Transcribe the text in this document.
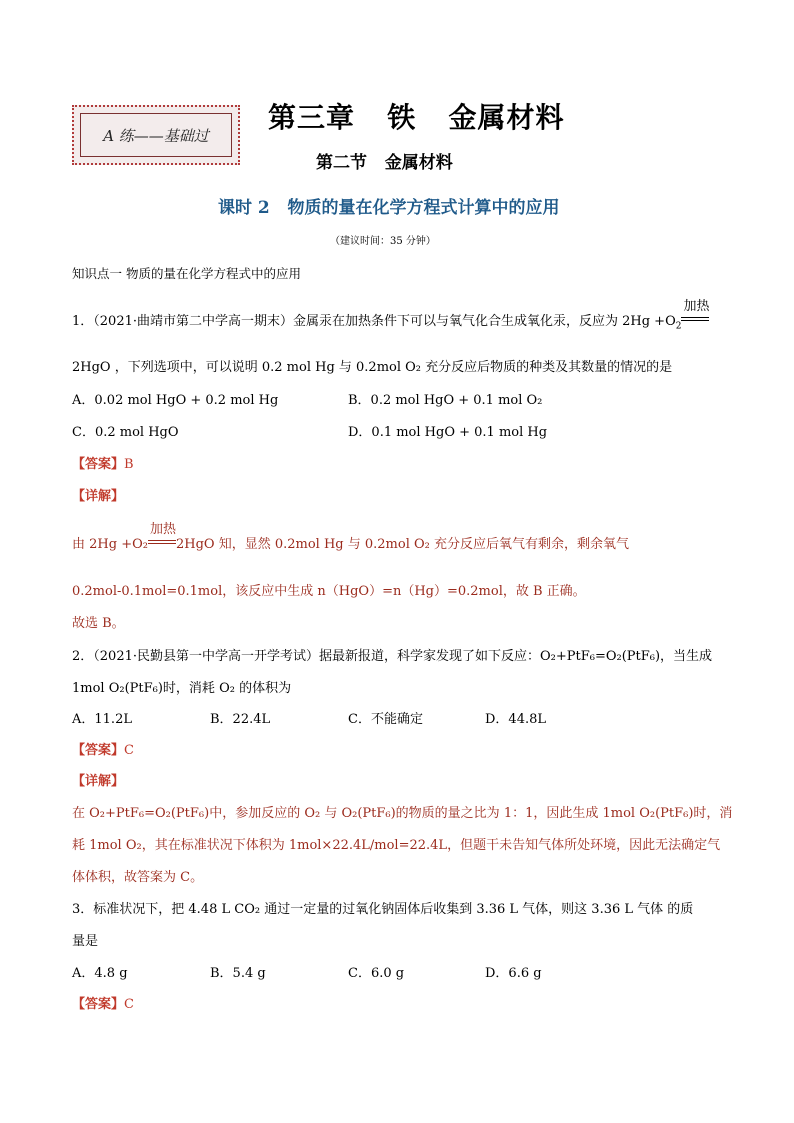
A 练——基础过
第三章   铁   金属材料
第二节   金属材料
课时 2   物质的量在化学方程式计算中的应用
（建议时间：35 分钟）
知识点一 物质的量在化学方程式中的应用
1．（2021·曲靖市第二中学高一期末）金属汞在加热条件下可以与氧气化合生成氧化汞，反应为 $2Hg +O_2$
加热
2HgO ，下列选项中，可以说明 0.2 mol Hg 与 0.2mol O₂ 充分反应后物质的种类及其数量的情况的是
A．0.02 mol HgO + 0.2 mol Hg	B．0.2 mol HgO + 0.1 mol O₂
C．0.2 mol HgO	D．0.1 mol HgO + 0.1 mol Hg
【答案】B
【详解】
由 2Hg +O₂
加热
2HgO 知，显然 0.2mol Hg 与 0.2mol O₂ 充分反应后氧气有剩余，剩余氧气
0.2mol-0.1mol=0.1mol，该反应中生成 n（HgO）=n（Hg）=0.2mol，故 B 正确。
故选 B。
2．（2021·民勤县第一中学高一开学考试）据最新报道，科学家发现了如下反应：O₂+PtF₆=O₂(PtF₆)，当生成
1mol O₂(PtF₆)时，消耗 O₂ 的体积为
A．11.2L	B．22.4L	C．不能确定	D．44.8L
【答案】C
【详解】
在 O₂+PtF₆=O₂(PtF₆)中，参加反应的 O₂ 与 O₂(PtF₆)的物质的量之比为 1：1，因此生成 1mol O₂(PtF₆)时，消
耗 1mol O₂，其在标准状况下体积为 1mol×22.4L/mol=22.4L，但题干未告知气体所处环境，因此无法确定气
体体积，故答案为 C。
3．标准状况下，把 4.48 L CO₂ 通过一定量的过氧化钠固体后收集到 3.36 L 气体，则这 3.36 L 气体 的质
量是
A．4.8 g	B．5.4 g	C．6.0 g	D．6.6 g
【答案】C
